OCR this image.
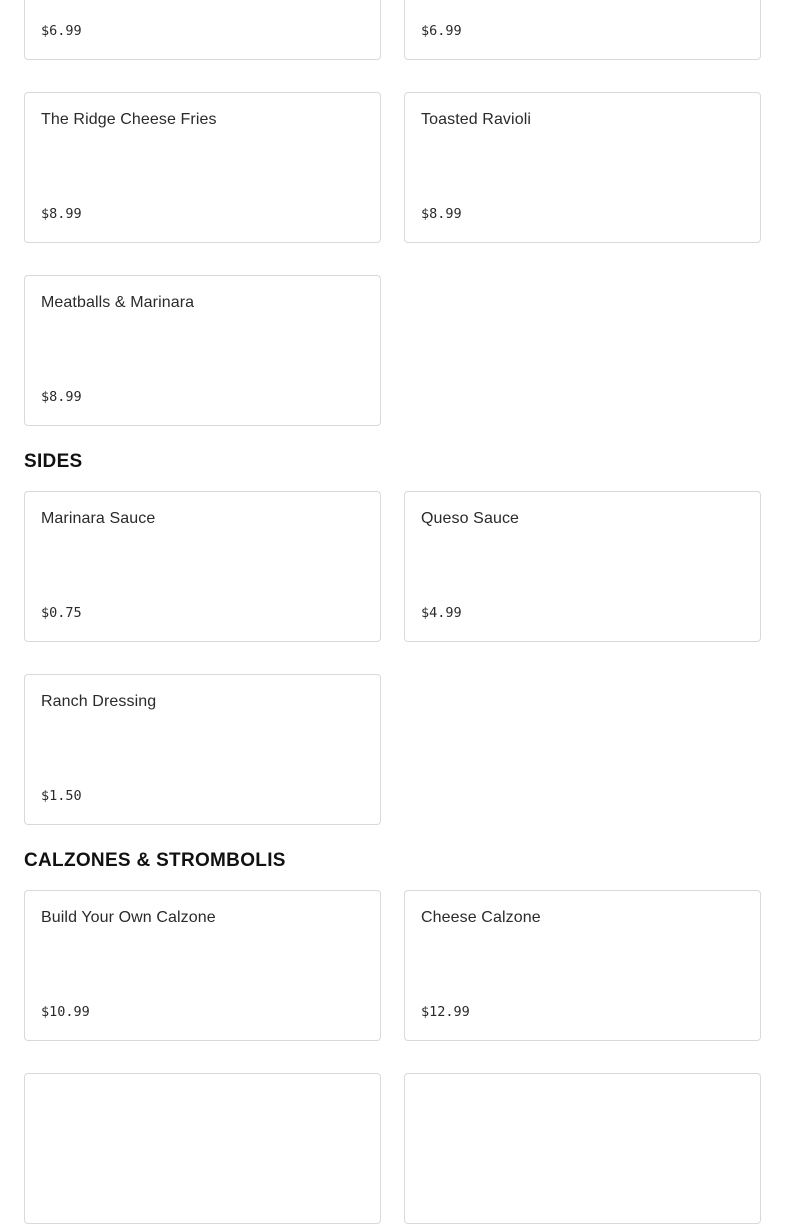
$6.99	$6.99
The Ridge Cheese Fries
$8.99
Toasted Ravioli
$8.99
Meatballs & Marinara
$8.99
SIDES
Marinara Sauce
$0.75
Queso Sauce
$4.99
Ranch Dressing
$1.50
CALZONES & STROMBOLIS
Build Your Own Calzone
$10.99
Cheese Calzone
$12.99
